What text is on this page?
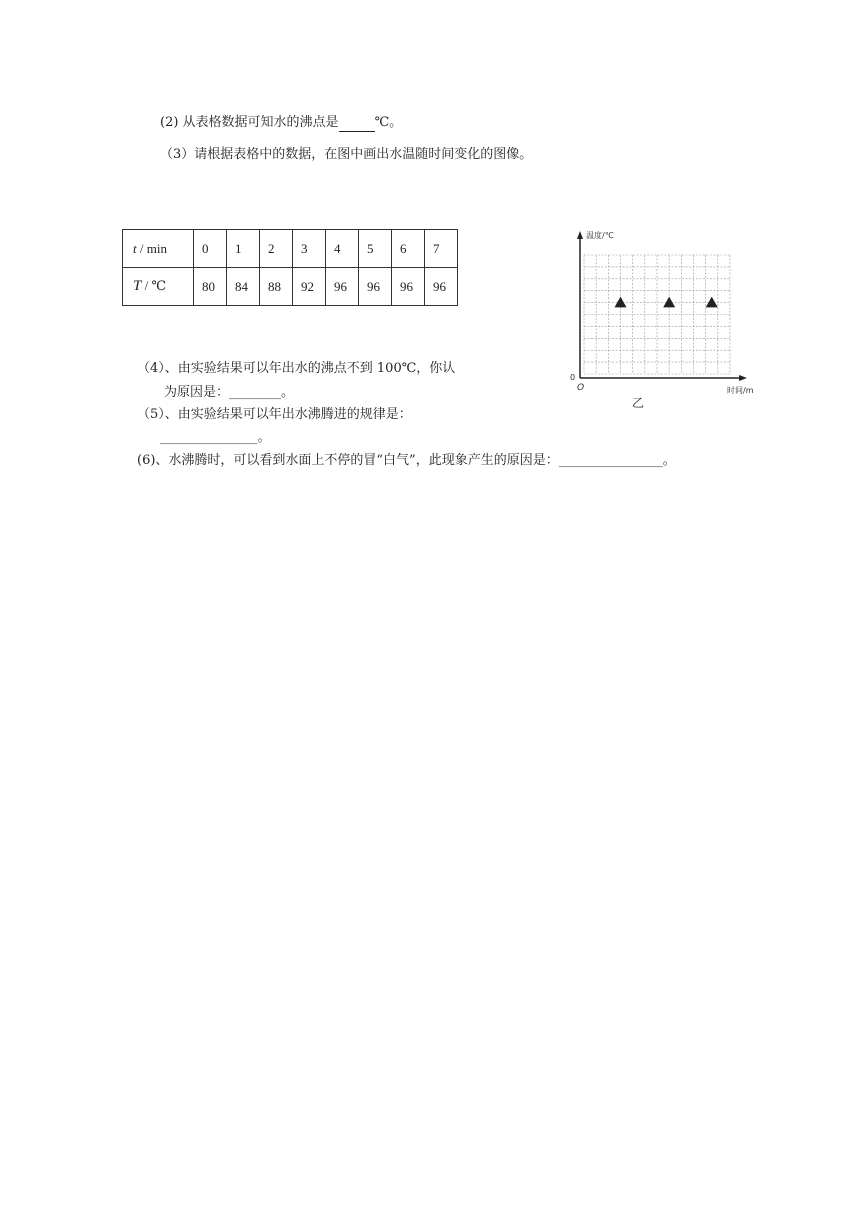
(2) 从表格数据可知水的沸点是	℃。
（3）请根据表格中的数据，在图中画出水温随时间变化的图像。
t / min	0	1	2	3	4	5	6	7
T / ℃	80	84	88	92	96	96	96	96
温度/℃
时间/m
O
0
乙
（4）、由实验结果可以年出水的沸点不到 100℃，你认
为原因是：________。
（5）、由实验结果可以年出水沸腾进的规律是：
_______________。
(6)、水沸腾时，可以看到水面上不停的冒“白气”，此现象产生的原因是：________________。
